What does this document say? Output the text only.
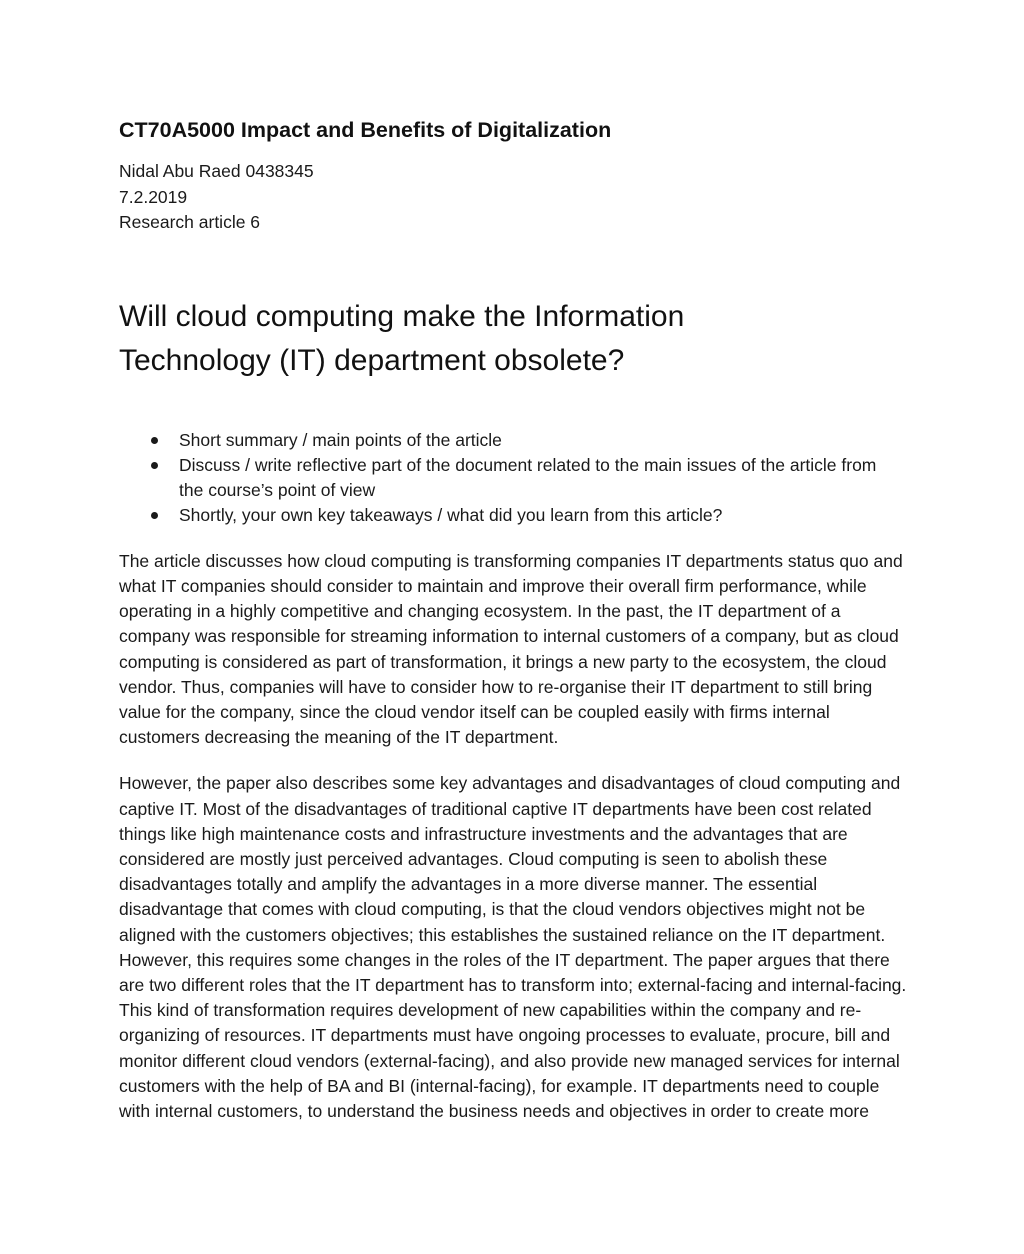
CT70A5000 Impact and Benefits of Digitalization

Nidal Abu Raed 0438345

7.2.2019

Research article 6

Will cloud computing make the Information Technology (IT) department obsolete?
Short summary / main points of the article
Discuss / write reflective part of the document related to the main issues of the article from the course’s point of view
Shortly, your own key takeaways / what did you learn from this article?

The article discusses how cloud computing is transforming companies IT departments status quo and what IT companies should consider to maintain and improve their overall firm performance, while operating in a highly competitive and changing ecosystem. In the past, the IT department of a company was responsible for streaming information to internal customers of a company, but as cloud computing is considered as part of transformation, it brings a new party to the ecosystem, the cloud vendor. Thus, companies will have to consider how to re-organise their IT department to still bring value for the company, since the cloud vendor itself can be coupled easily with firms internal customers decreasing the meaning of the IT department.

However, the paper also describes some key advantages and disadvantages of cloud computing and captive IT. Most of the disadvantages of traditional captive IT departments have been cost related things like high maintenance costs and infrastructure investments and the advantages that are considered are mostly just perceived advantages. Cloud computing is seen to abolish these disadvantages totally and amplify the advantages in a more diverse manner. The essential disadvantage that comes with cloud computing, is that the cloud vendors objectives might not be aligned with the customers objectives; this establishes the sustained reliance on the IT department. However, this requires some changes in the roles of the IT department. The paper argues that there are two different roles that the IT department has to transform into; external-facing and internal-facing. This kind of transformation requires development of new capabilities within the company and re-organizing of resources. IT departments must have ongoing processes to evaluate, procure, bill and monitor different cloud vendors (external-facing), and also provide new managed services for internal customers with the help of BA and BI (internal-facing), for example. IT departments need to couple with internal customers, to understand the business needs and objectives in order to create more
